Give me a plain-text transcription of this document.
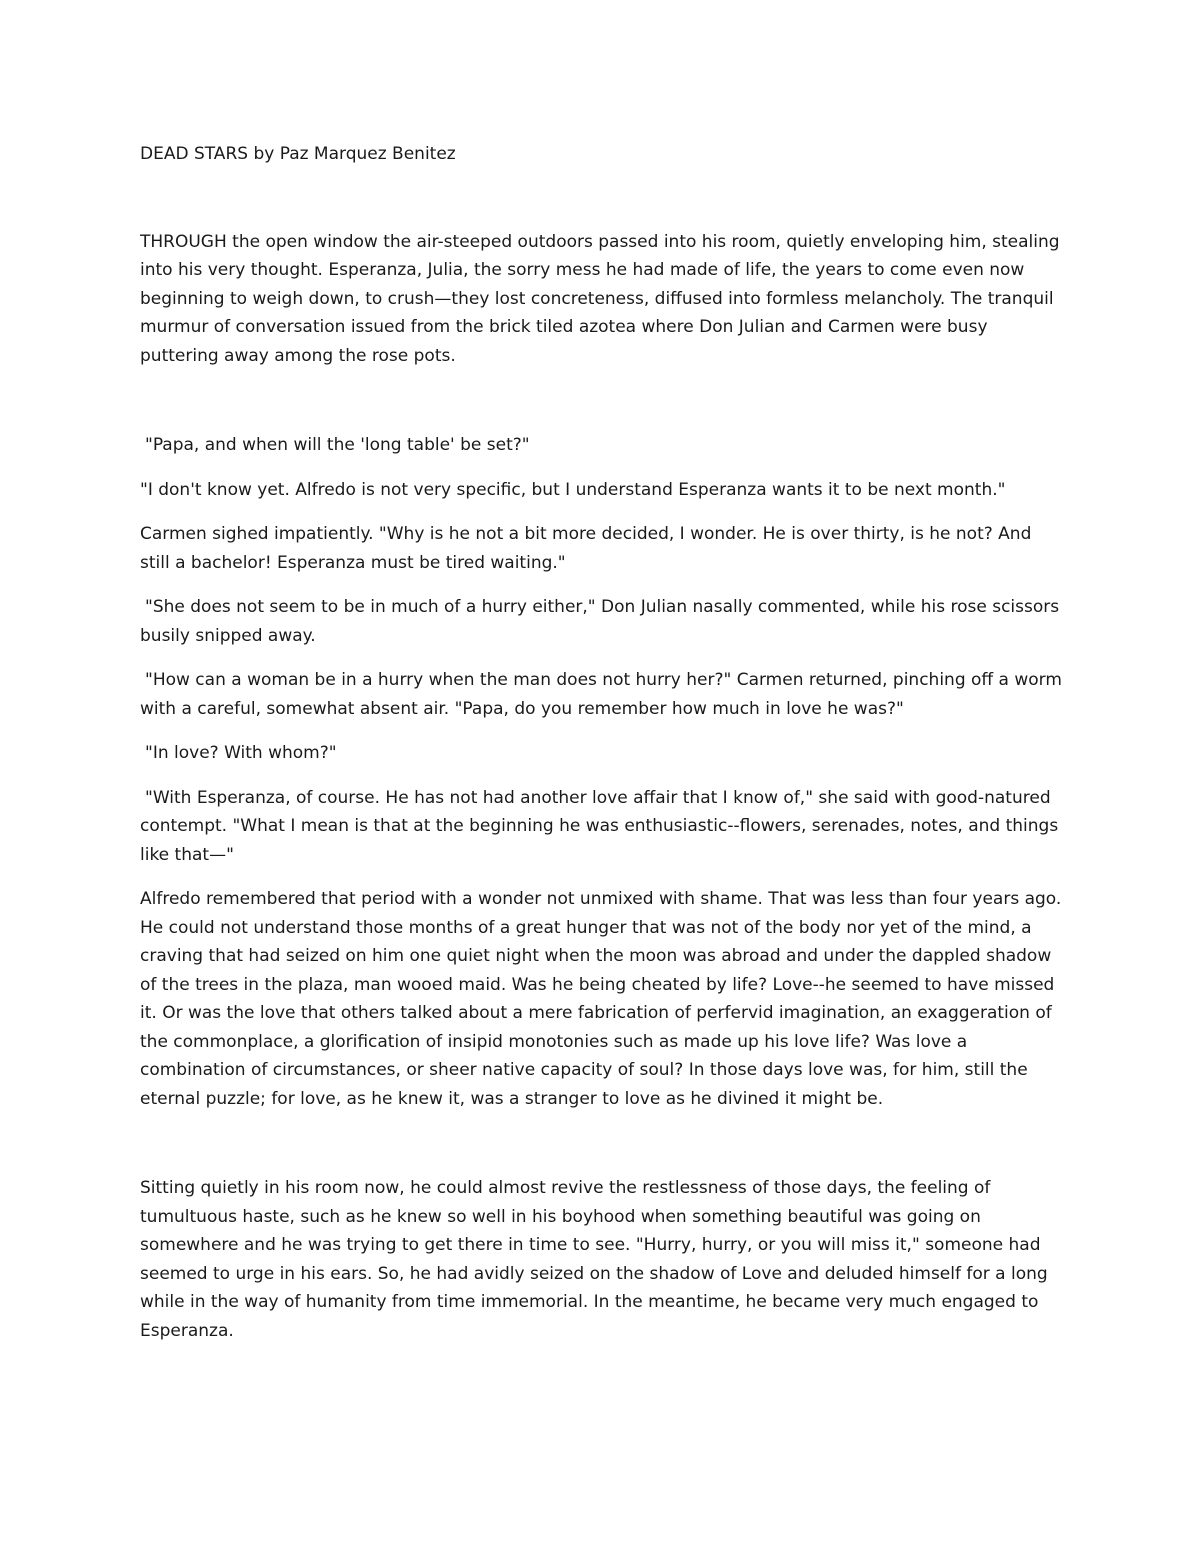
DEAD STARS by Paz Marquez Benitez

THROUGH the open window the air-steeped outdoors passed into his room, quietly enveloping him, stealing into his very thought. Esperanza, Julia, the sorry mess he had made of life, the years to come even now beginning to weigh down, to crush—they lost concreteness, diffused into formless melancholy. The tranquil murmur of conversation issued from the brick tiled azotea where Don Julian and Carmen were busy puttering away among the rose pots.

"Papa, and when will the 'long table' be set?"

"I don't know yet. Alfredo is not very specific, but I understand Esperanza wants it to be next month."

Carmen sighed impatiently. "Why is he not a bit more decided, I wonder. He is over thirty, is he not? And still a bachelor! Esperanza must be tired waiting."

"She does not seem to be in much of a hurry either," Don Julian nasally commented, while his rose scissors busily snipped away.

"How can a woman be in a hurry when the man does not hurry her?" Carmen returned, pinching off a worm with a careful, somewhat absent air. "Papa, do you remember how much in love he was?"

"In love? With whom?"

"With Esperanza, of course. He has not had another love affair that I know of," she said with good-natured contempt. "What I mean is that at the beginning he was enthusiastic--flowers, serenades, notes, and things like that—"

Alfredo remembered that period with a wonder not unmixed with shame. That was less than four years ago. He could not understand those months of a great hunger that was not of the body nor yet of the mind, a craving that had seized on him one quiet night when the moon was abroad and under the dappled shadow of the trees in the plaza, man wooed maid. Was he being cheated by life? Love--he seemed to have missed it. Or was the love that others talked about a mere fabrication of perfervid imagination, an exaggeration of the commonplace, a glorification of insipid monotonies such as made up his love life? Was love a combination of circumstances, or sheer native capacity of soul? In those days love was, for him, still the eternal puzzle; for love, as he knew it, was a stranger to love as he divined it might be.

Sitting quietly in his room now, he could almost revive the restlessness of those days, the feeling of tumultuous haste, such as he knew so well in his boyhood when something beautiful was going on somewhere and he was trying to get there in time to see. "Hurry, hurry, or you will miss it," someone had seemed to urge in his ears. So, he had avidly seized on the shadow of Love and deluded himself for a long while in the way of humanity from time immemorial. In the meantime, he became very much engaged to Esperanza.
